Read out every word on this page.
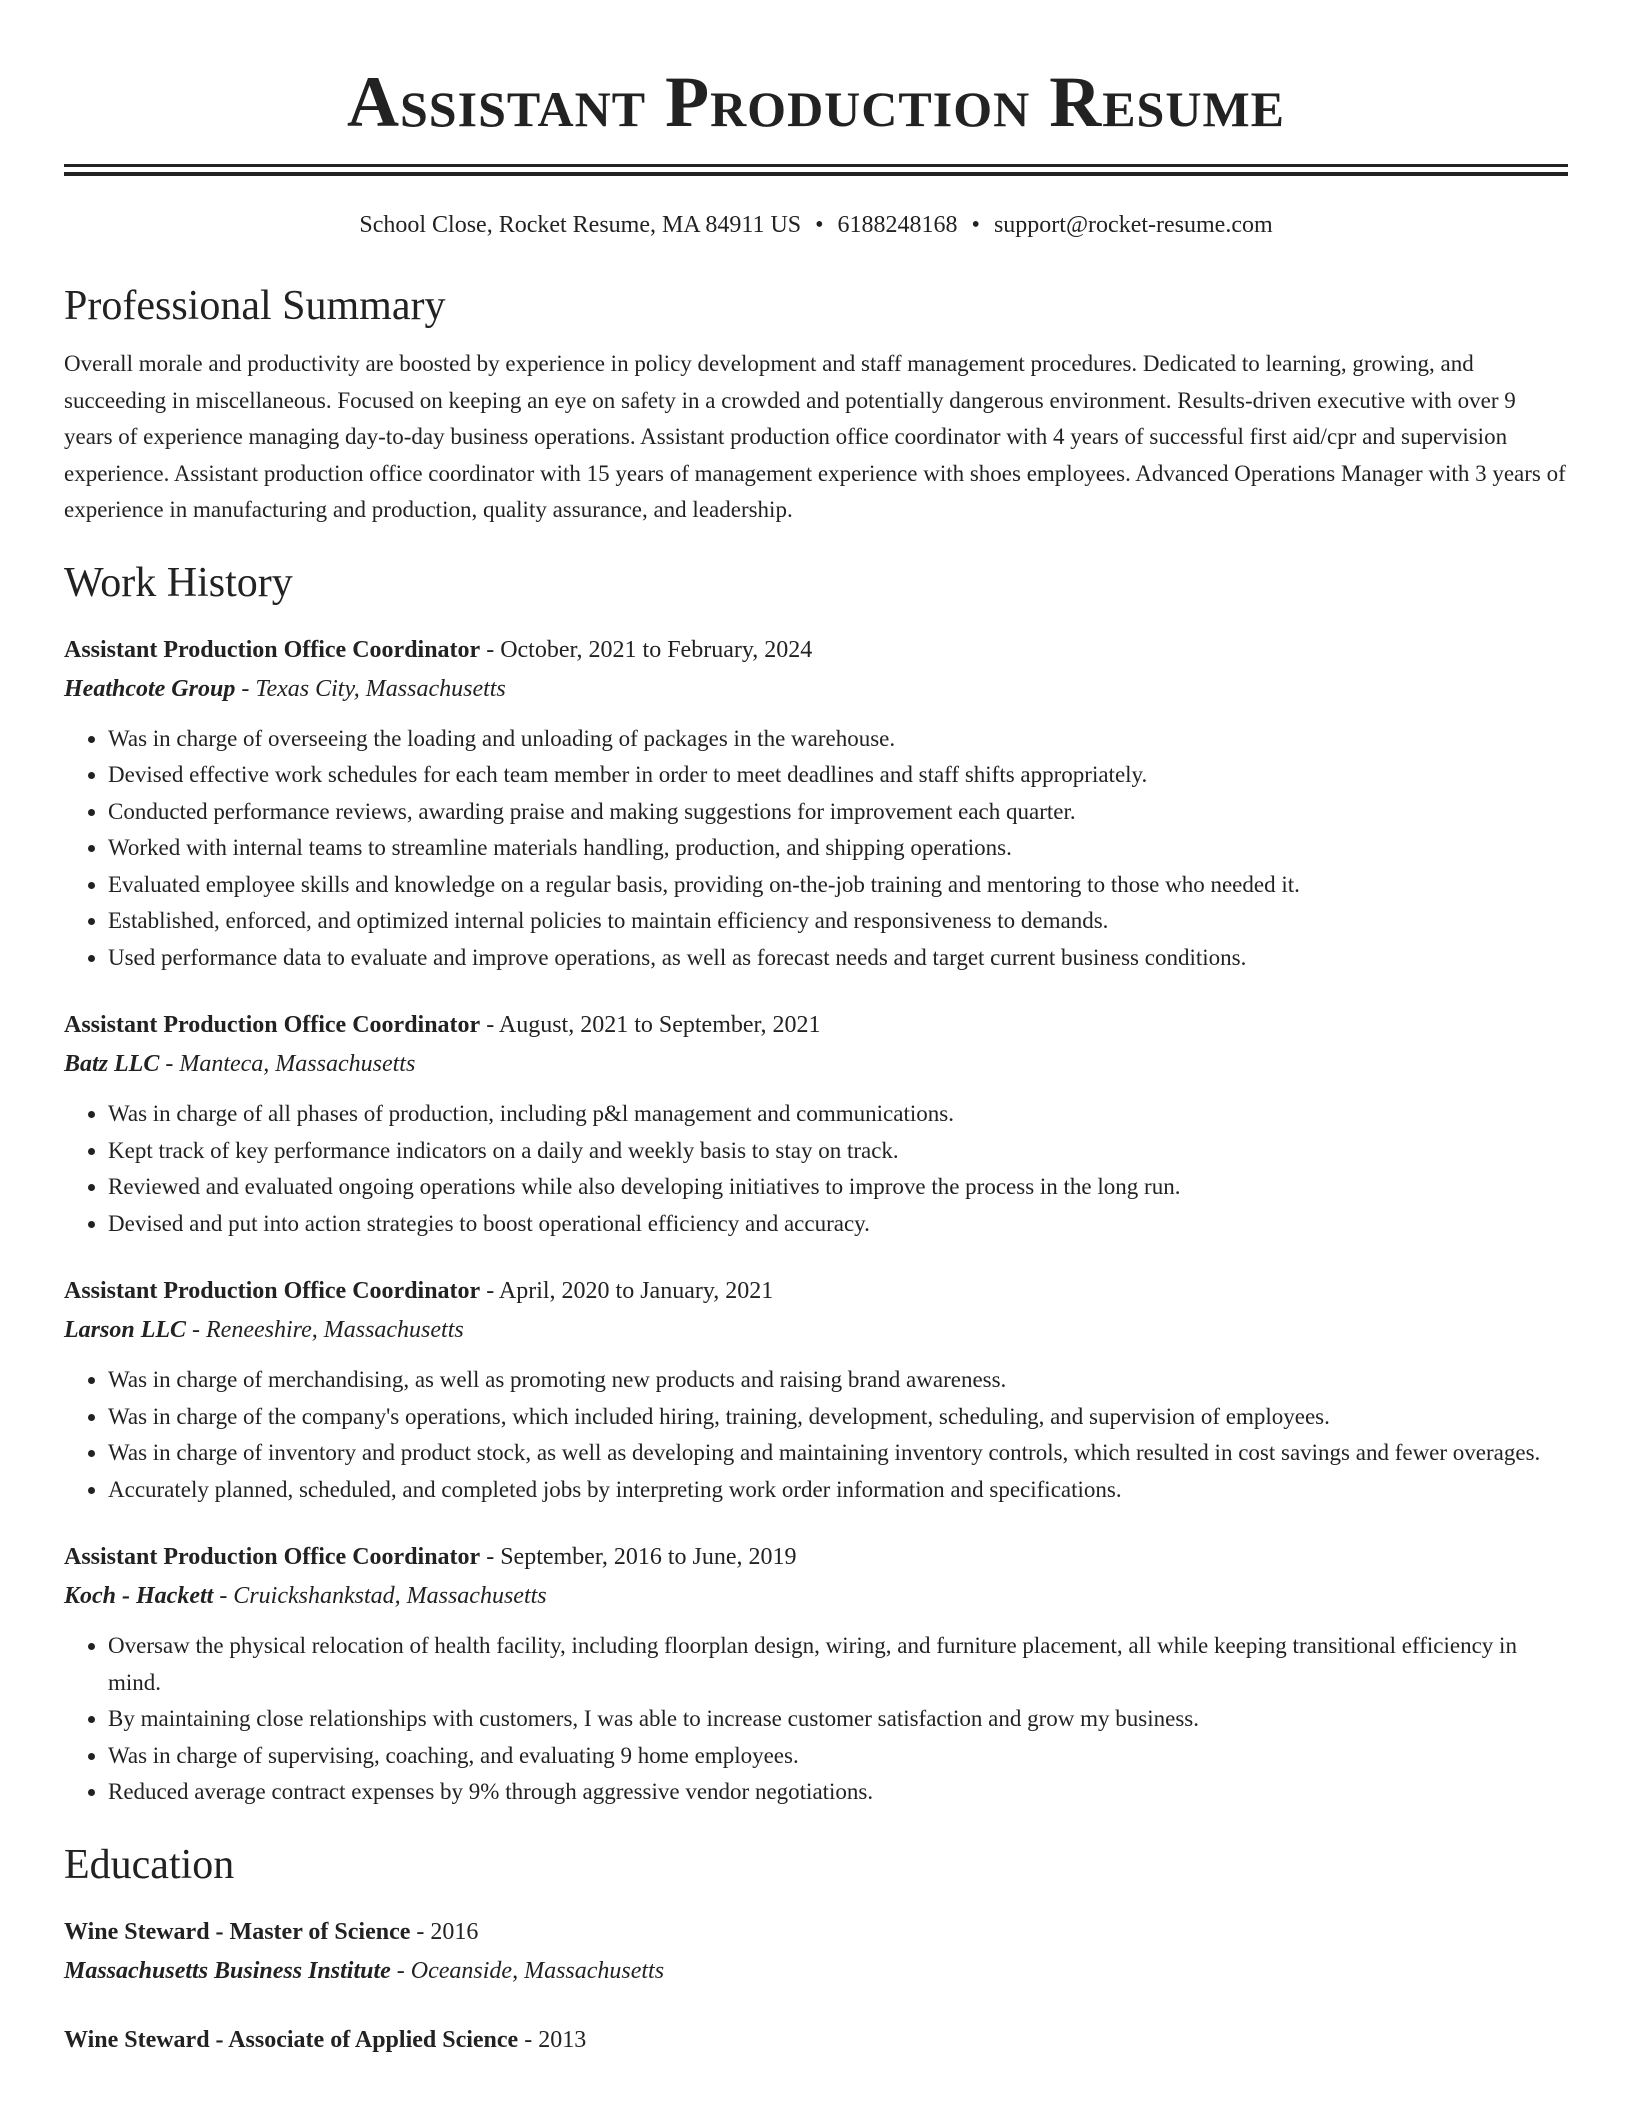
Assistant Production Resume
School Close, Rocket Resume, MA 84911 US • 6188248168 • support@rocket-resume.com
Professional Summary

Overall morale and productivity are boosted by experience in policy development and staff management procedures. Dedicated to learning, growing, and succeeding in miscellaneous. Focused on keeping an eye on safety in a crowded and potentially dangerous environment. Results-driven executive with over 9 years of experience managing day-to-day business operations. Assistant production office coordinator with 4 years of successful first aid/cpr and supervision experience. Assistant production office coordinator with 15 years of management experience with shoes employees. Advanced Operations Manager with 3 years of experience in manufacturing and production, quality assurance, and leadership.

Work History
Assistant Production Office Coordinator - October, 2021 to February, 2024
Heathcote Group - Texas City, Massachusetts
• Was in charge of overseeing the loading and unloading of packages in the warehouse.
• Devised effective work schedules for each team member in order to meet deadlines and staff shifts appropriately.
• Conducted performance reviews, awarding praise and making suggestions for improvement each quarter.
• Worked with internal teams to streamline materials handling, production, and shipping operations.
• Evaluated employee skills and knowledge on a regular basis, providing on-the-job training and mentoring to those who needed it.
• Established, enforced, and optimized internal policies to maintain efficiency and responsiveness to demands.
• Used performance data to evaluate and improve operations, as well as forecast needs and target current business conditions.
Assistant Production Office Coordinator - August, 2021 to September, 2021
Batz LLC - Manteca, Massachusetts
• Was in charge of all phases of production, including p&l management and communications.
• Kept track of key performance indicators on a daily and weekly basis to stay on track.
• Reviewed and evaluated ongoing operations while also developing initiatives to improve the process in the long run.
• Devised and put into action strategies to boost operational efficiency and accuracy.
Assistant Production Office Coordinator - April, 2020 to January, 2021
Larson LLC - Reneeshire, Massachusetts
• Was in charge of merchandising, as well as promoting new products and raising brand awareness.
• Was in charge of the company's operations, which included hiring, training, development, scheduling, and supervision of employees.
• Was in charge of inventory and product stock, as well as developing and maintaining inventory controls, which resulted in cost savings and fewer overages.
• Accurately planned, scheduled, and completed jobs by interpreting work order information and specifications.
Assistant Production Office Coordinator - September, 2016 to June, 2019
Koch - Hackett - Cruickshankstad, Massachusetts
• Oversaw the physical relocation of health facility, including floorplan design, wiring, and furniture placement, all while keeping transitional efficiency in mind.
• By maintaining close relationships with customers, I was able to increase customer satisfaction and grow my business.
• Was in charge of supervising, coaching, and evaluating 9 home employees.
• Reduced average contract expenses by 9% through aggressive vendor negotiations.
Education
Wine Steward - Master of Science - 2016
Massachusetts Business Institute - Oceanside, Massachusetts
Wine Steward - Associate of Applied Science - 2013
